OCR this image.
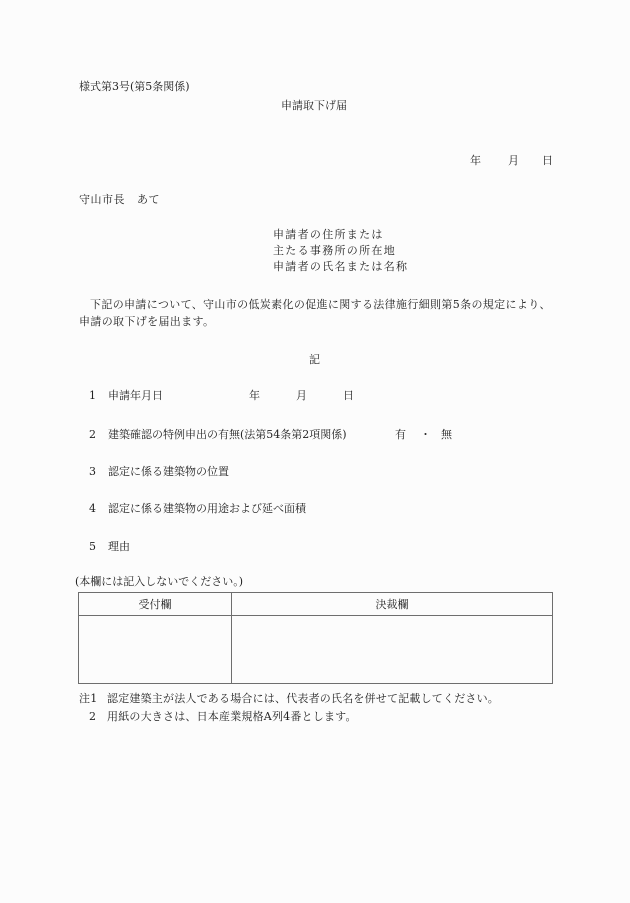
様式第3号(第5条関係)
申請取下げ届
年 月 日
守山市長 あて
申請者の住所または
主たる事務所の所在地
申請者の氏名または名称
下記の申請について、守山市の低炭素化の促進に関する法律施行細則第5条の規定により、申請の取下げを届出ます。
記
1 申請年月日	年	月	日
2 建築確認の特例申出の有無(法第54条第2項関係)	有 ・ 無
3 認定に係る建築物の位置
4 認定に係る建築物の用途および延べ面積
5 理由
(本欄には記入しないでください。)
受付欄	決裁欄

注1 認定建築主が法人である場合には、代表者の氏名を併せて記載してください。
2 用紙の大きさは、日本産業規格A列4番とします。
